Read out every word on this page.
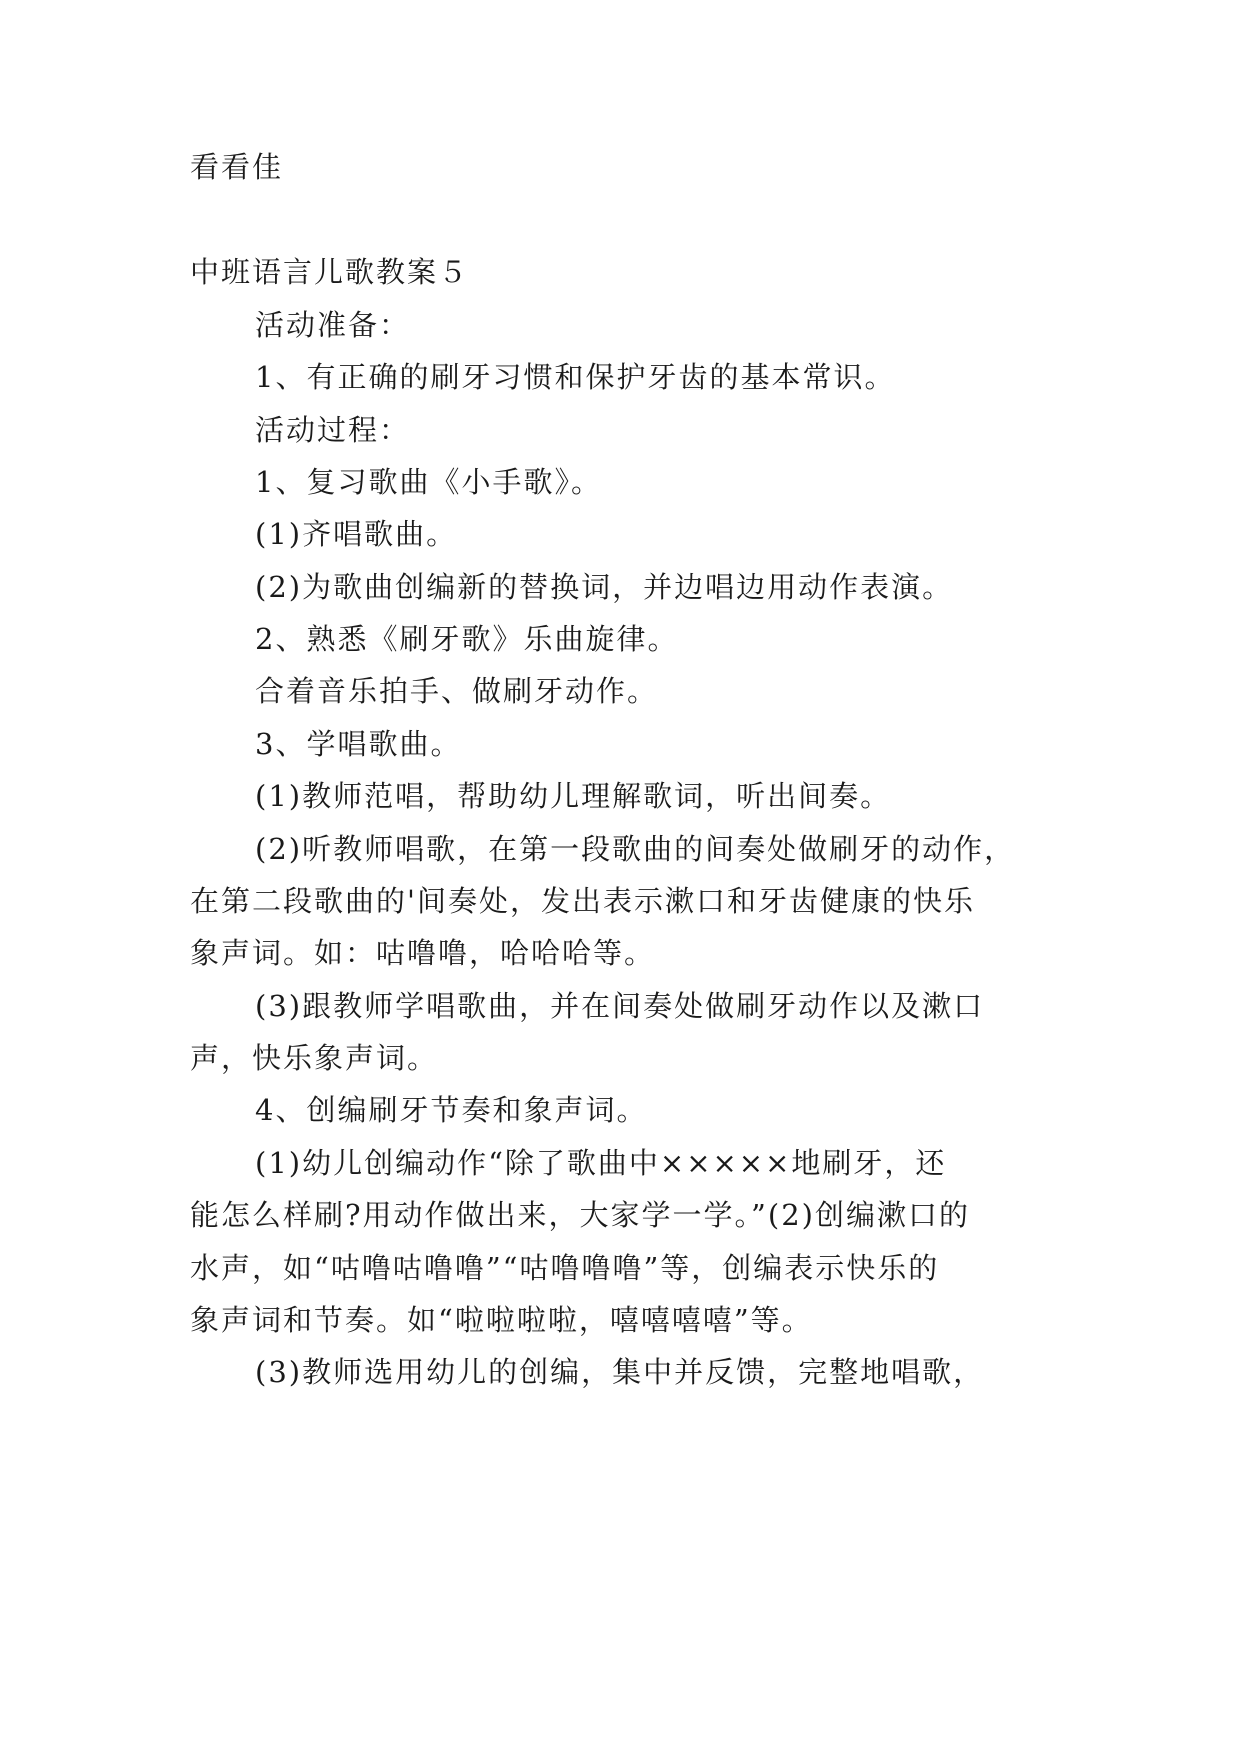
看看佳
中班语言儿歌教案５
活动准备：
1、有正确的刷牙习惯和保护牙齿的基本常识。
活动过程：
1、复习歌曲《小手歌》。
(1)齐唱歌曲。
(2)为歌曲创编新的替换词，并边唱边用动作表演。
2、熟悉《刷牙歌》乐曲旋律。
合着音乐拍手、做刷牙动作。
3、学唱歌曲。
(1)教师范唱，帮助幼儿理解歌词，听出间奏。
(2)听教师唱歌，在第一段歌曲的间奏处做刷牙的动作，
在第二段歌曲的'间奏处，发出表示漱口和牙齿健康的快乐
象声词。如：咕噜噜，哈哈哈等。
(3)跟教师学唱歌曲，并在间奏处做刷牙动作以及漱口
声，快乐象声词。
4、创编刷牙节奏和象声词。
(1)幼儿创编动作“除了歌曲中×××××地刷牙，还
能怎么样刷?用动作做出来，大家学一学。”(2)创编漱口的
水声，如“咕噜咕噜噜”“咕噜噜噜”等，创编表示快乐的
象声词和节奏。如“啦啦啦啦，嘻嘻嘻嘻”等。
(3)教师选用幼儿的创编，集中并反馈，完整地唱歌，
